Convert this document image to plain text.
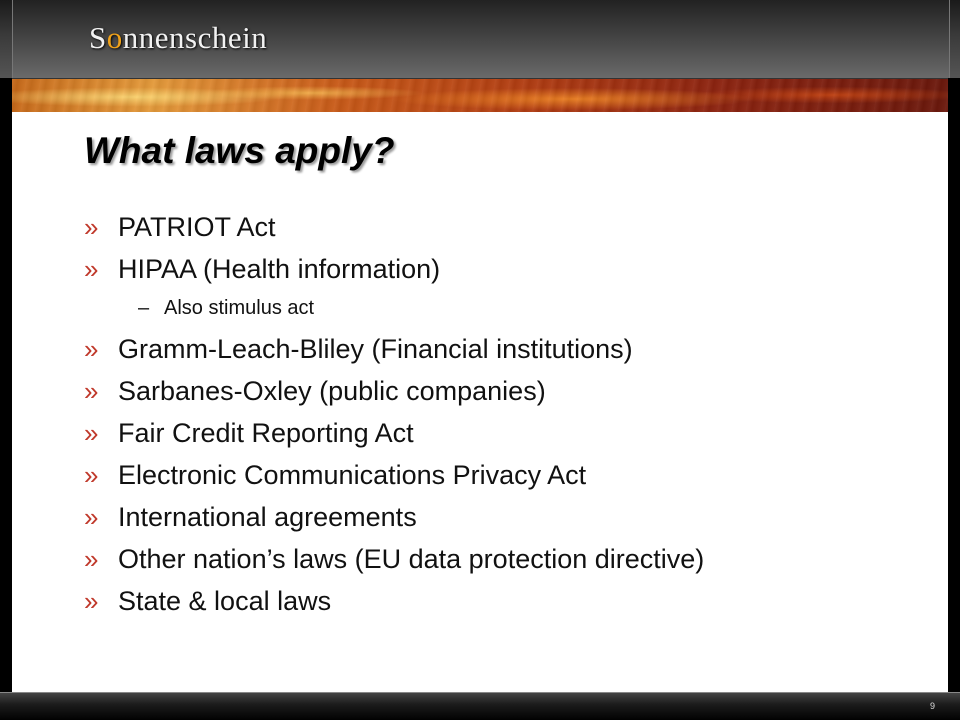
Sonnenschein
What laws apply?
» PATRIOT Act
» HIPAA (Health information)
– Also stimulus act
» Gramm-Leach-Bliley (Financial institutions)
» Sarbanes-Oxley (public companies)
» Fair Credit Reporting Act
» Electronic Communications Privacy Act
» International agreements
» Other nation’s laws (EU data protection directive)
» State & local laws
9
